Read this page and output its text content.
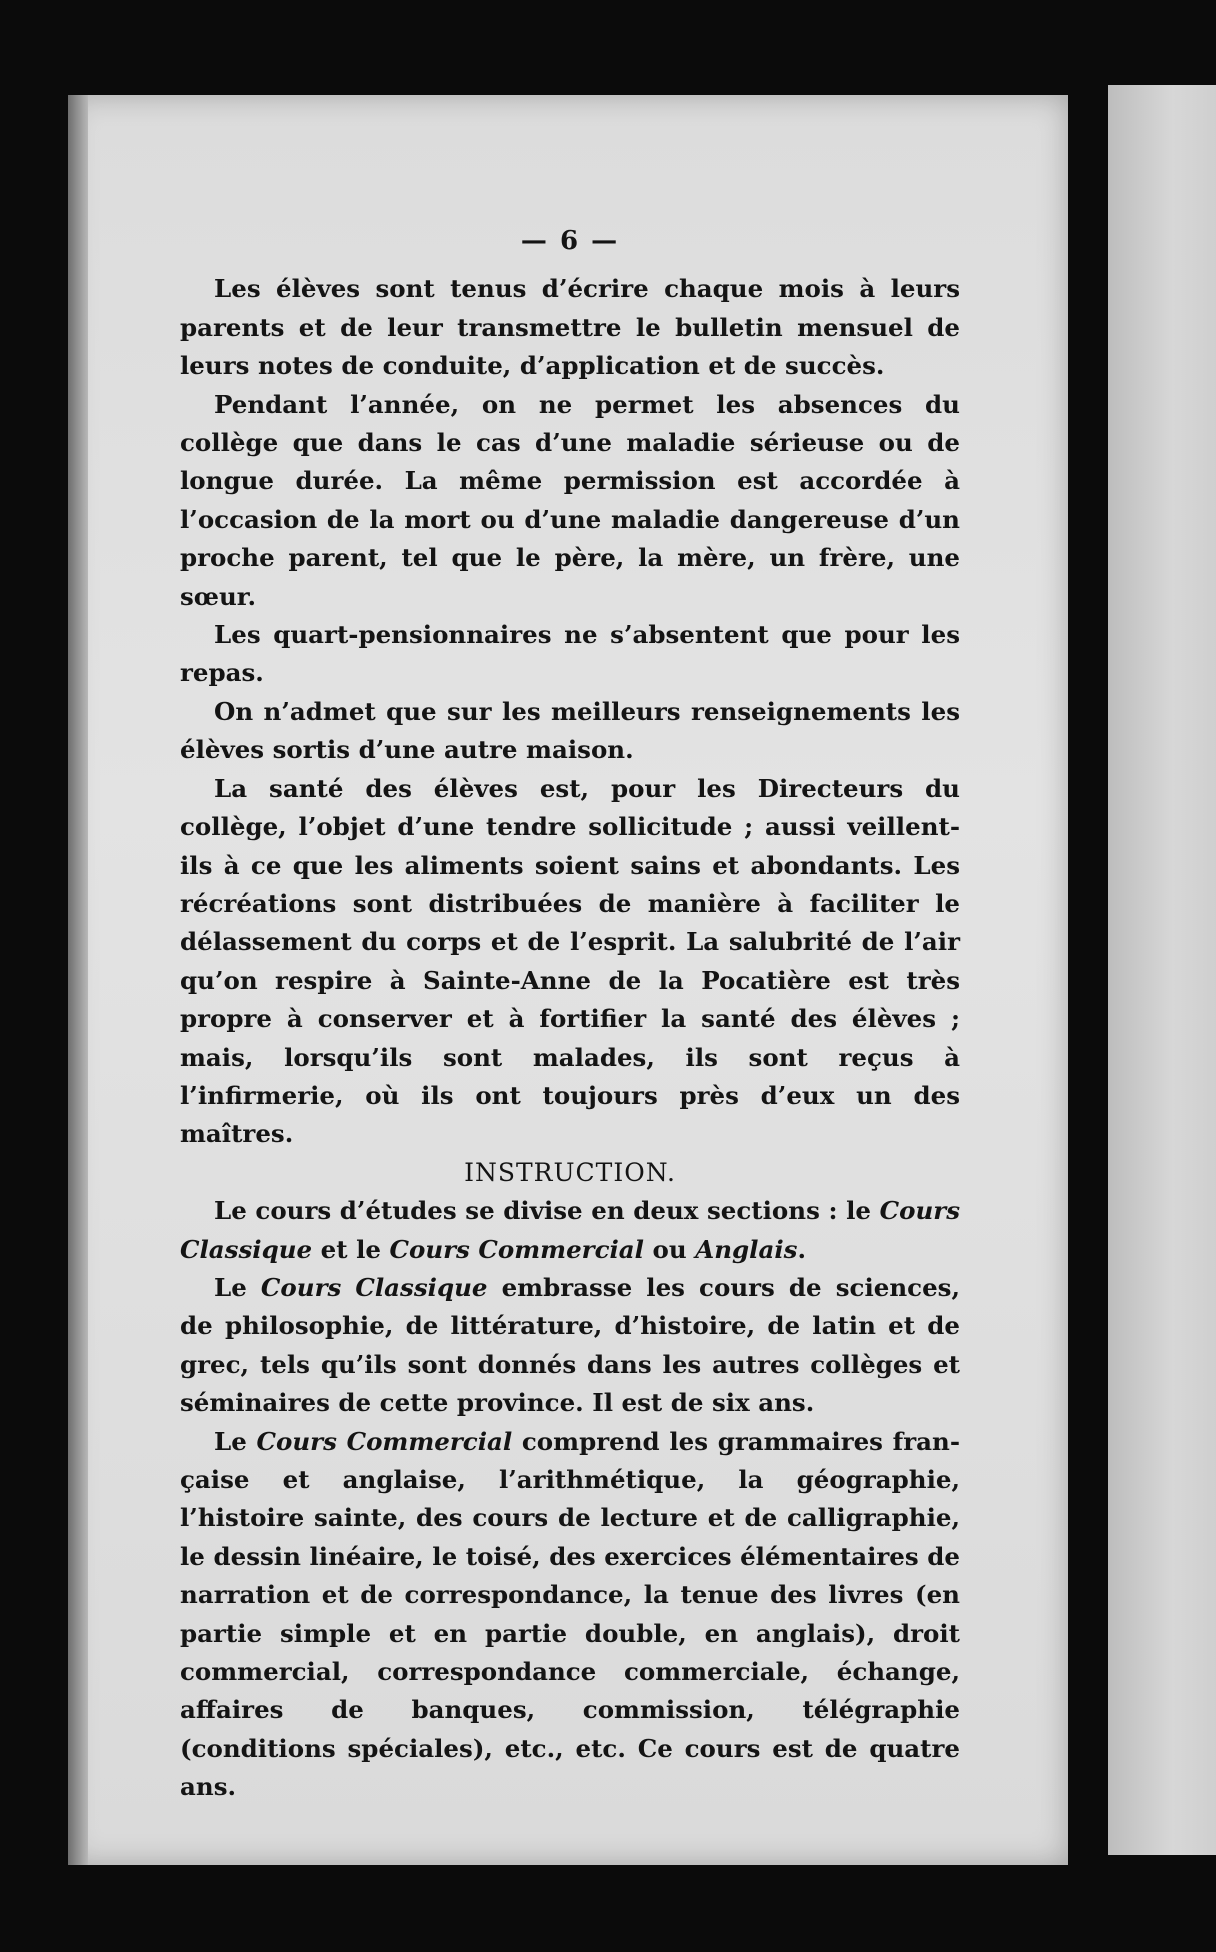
— 6 —

Les élèves sont tenus d’écrire chaque mois à leurs parents et de leur transmettre le bulletin mensuel de leurs notes de conduite, d’application et de succès.

Pendant l’année, on ne permet les absences du collège que dans le cas d’une maladie sérieuse ou de longue durée. La même permission est accordée à l’occasion de la mort ou d’une maladie dangereuse d’un proche parent, tel que le père, la mère, un frère, une sœur.

Les quart-pensionnaires ne s’absentent que pour les repas.

On n’admet que sur les meilleurs renseignements les élèves sortis d’une autre maison.

La santé des élèves est, pour les Directeurs du collège, l’objet d’une tendre sollicitude ; aussi veillent-ils à ce que les aliments soient sains et abondants. Les récréations sont distribuées de manière à faciliter le délassement du corps et de l’esprit. La salubrité de l’air qu’on respire à Sainte-Anne de la Pocatière est très propre à conserver et à fortifier la santé des élèves ; mais, lorsqu’ils sont malades, ils sont reçus à l’infirmerie, où ils ont toujours près d’eux un des maîtres.

INSTRUCTION.

Le cours d’études se divise en deux sections : le Cours Classique et le Cours Commercial ou Anglais.

Le Cours Classique embrasse les cours de sciences, de philosophie, de littérature, d’histoire, de latin et de grec, tels qu’ils sont donnés dans les autres collèges et séminaires de cette province. Il est de six ans.

Le Cours Commercial comprend les grammaires française et anglaise, l’arithmétique, la géographie, l’histoire sainte, des cours de lecture et de calligraphie, le dessin linéaire, le toisé, des exercices élémentaires de narration et de correspondance, la tenue des livres (en partie simple et en partie double, en anglais), droit commercial, correspondance commerciale, échange, affaires de banques, commission, télégraphie (conditions spéciales), etc., etc. Ce cours est de quatre ans.
